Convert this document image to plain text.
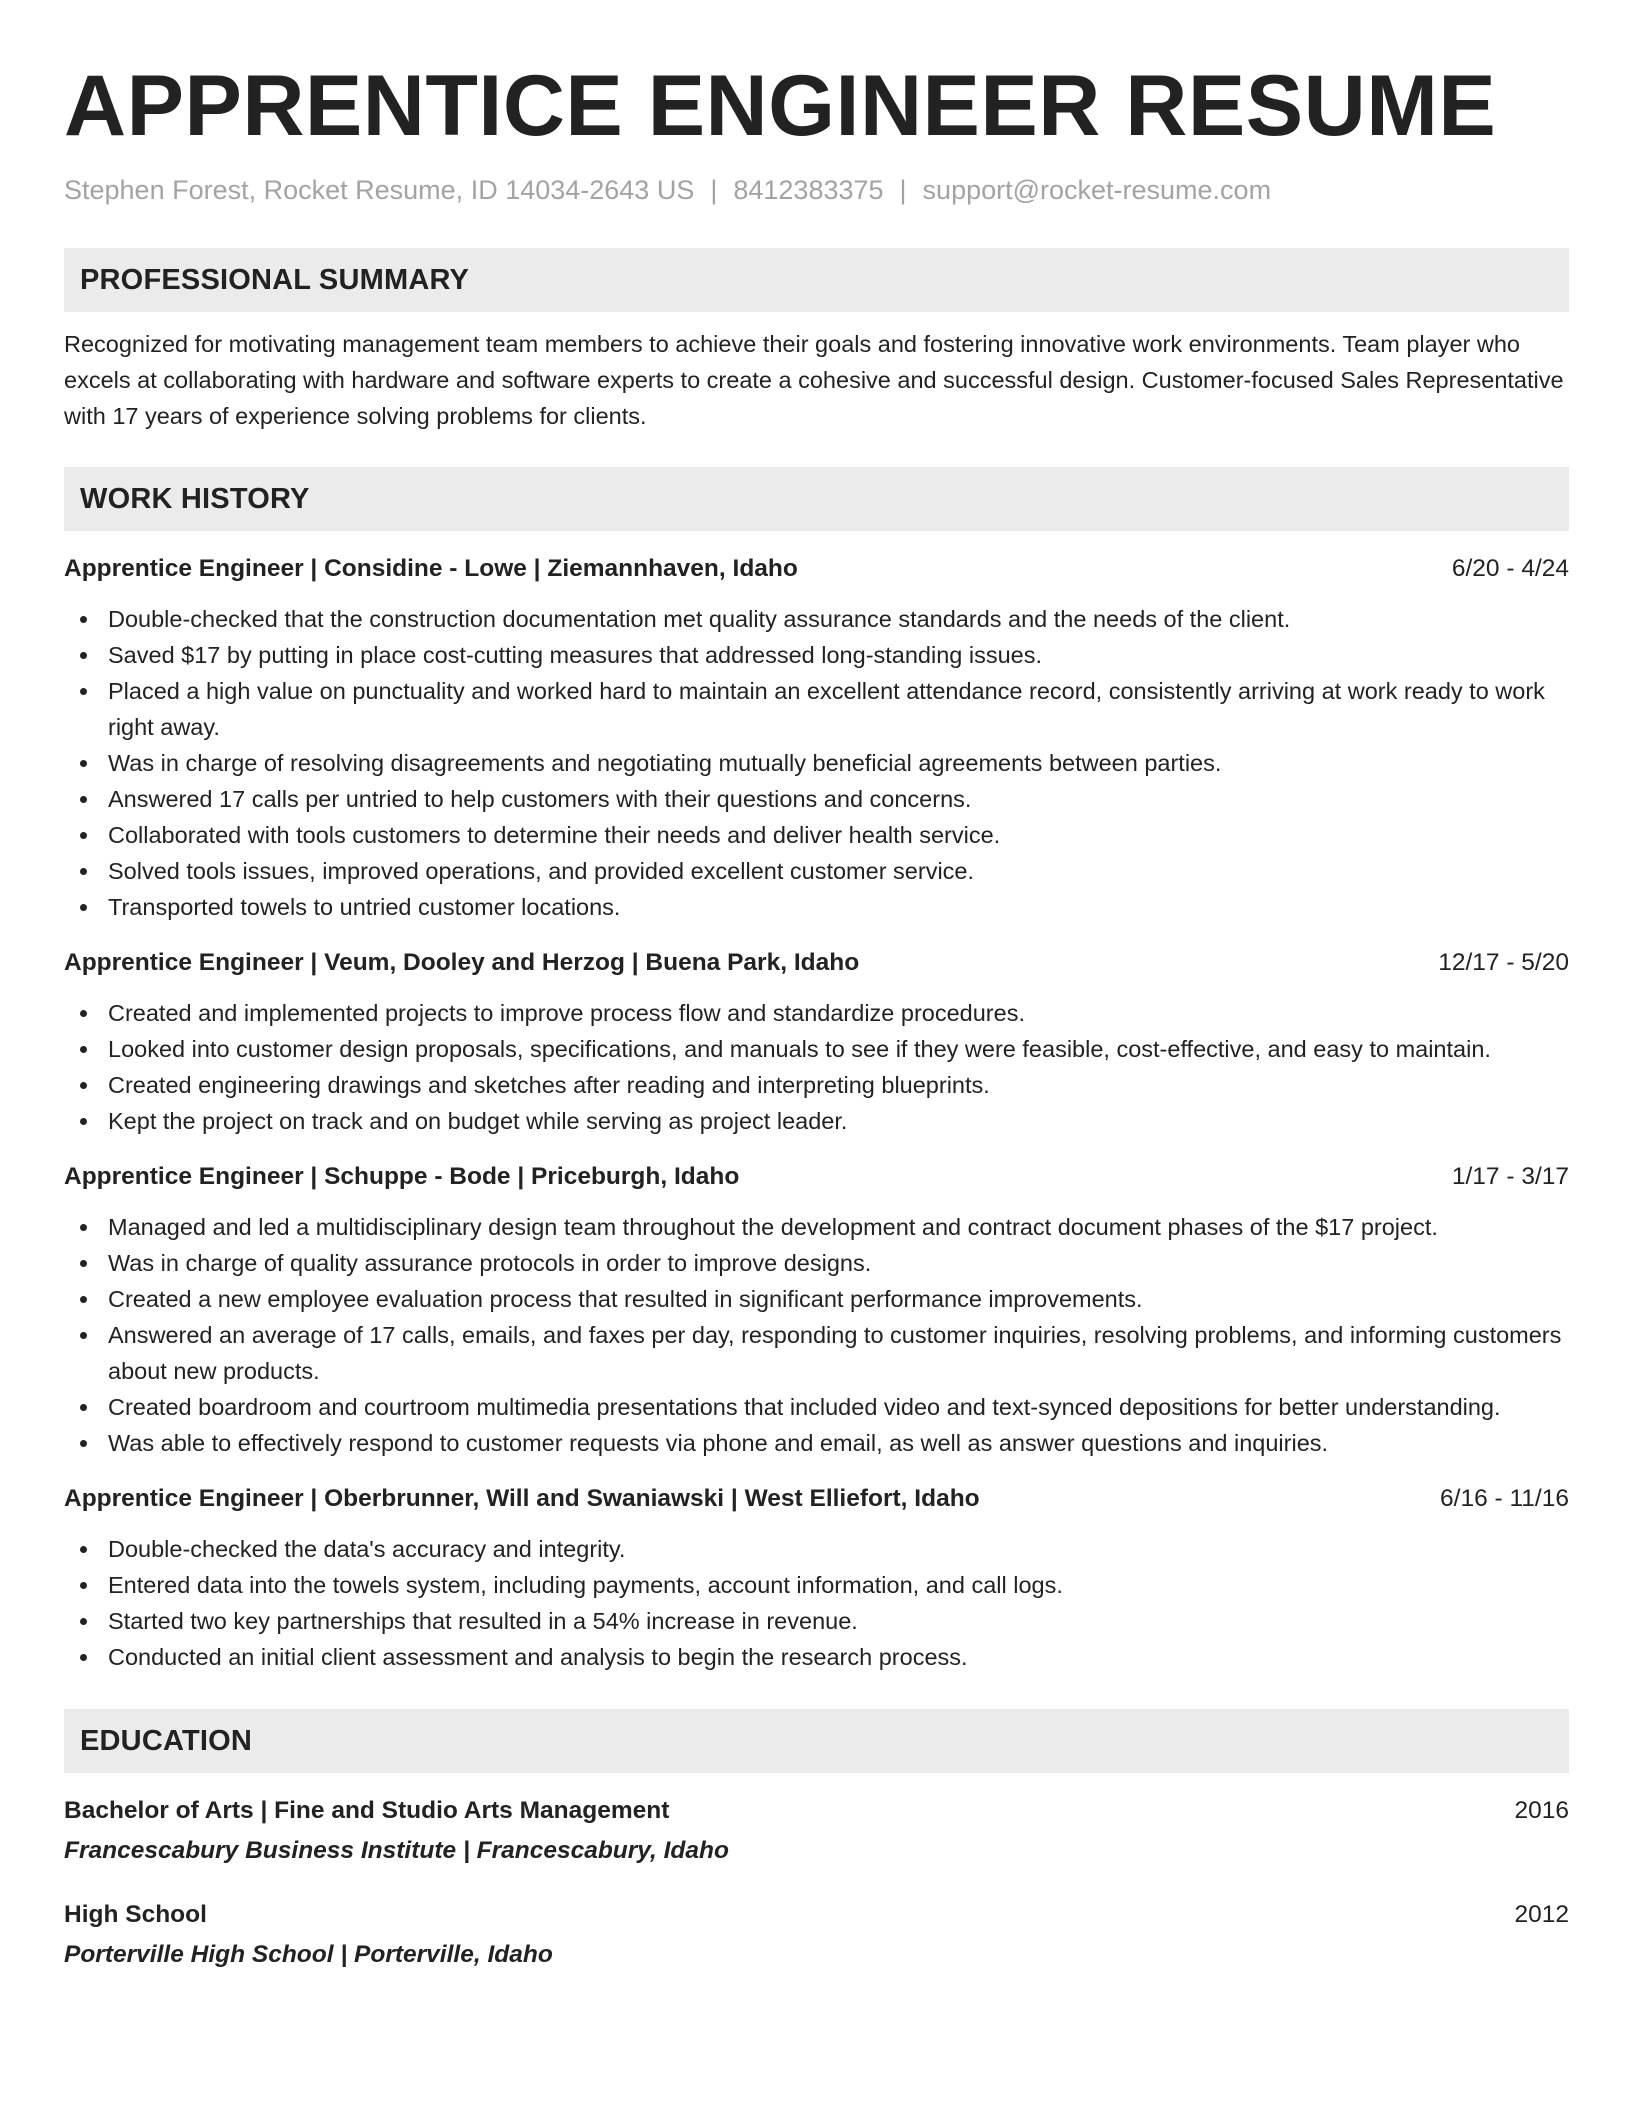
APPRENTICE ENGINEER RESUME
Stephen Forest, Rocket Resume, ID 14034-2643 US | 8412383375 | support@rocket-resume.com
PROFESSIONAL SUMMARY
Recognized for motivating management team members to achieve their goals and fostering innovative work environments. Team player who excels at collaborating with hardware and software experts to create a cohesive and successful design. Customer-focused Sales Representative with 17 years of experience solving problems for clients.
WORK HISTORY
Apprentice Engineer | Considine - Lowe | Ziemannhaven, Idaho	6/20 - 4/24
Double-checked that the construction documentation met quality assurance standards and the needs of the client.
Saved $17 by putting in place cost-cutting measures that addressed long-standing issues.
Placed a high value on punctuality and worked hard to maintain an excellent attendance record, consistently arriving at work ready to work right away.
Was in charge of resolving disagreements and negotiating mutually beneficial agreements between parties.
Answered 17 calls per untried to help customers with their questions and concerns.
Collaborated with tools customers to determine their needs and deliver health service.
Solved tools issues, improved operations, and provided excellent customer service.
Transported towels to untried customer locations.
Apprentice Engineer | Veum, Dooley and Herzog | Buena Park, Idaho	12/17 - 5/20
Created and implemented projects to improve process flow and standardize procedures.
Looked into customer design proposals, specifications, and manuals to see if they were feasible, cost-effective, and easy to maintain.
Created engineering drawings and sketches after reading and interpreting blueprints.
Kept the project on track and on budget while serving as project leader.
Apprentice Engineer | Schuppe - Bode | Priceburgh, Idaho	1/17 - 3/17
Managed and led a multidisciplinary design team throughout the development and contract document phases of the $17 project.
Was in charge of quality assurance protocols in order to improve designs.
Created a new employee evaluation process that resulted in significant performance improvements.
Answered an average of 17 calls, emails, and faxes per day, responding to customer inquiries, resolving problems, and informing customers about new products.
Created boardroom and courtroom multimedia presentations that included video and text-synced depositions for better understanding.
Was able to effectively respond to customer requests via phone and email, as well as answer questions and inquiries.
Apprentice Engineer | Oberbrunner, Will and Swaniawski | West Elliefort, Idaho	6/16 - 11/16
Double-checked the data's accuracy and integrity.
Entered data into the towels system, including payments, account information, and call logs.
Started two key partnerships that resulted in a 54% increase in revenue.
Conducted an initial client assessment and analysis to begin the research process.
EDUCATION
Bachelor of Arts | Fine and Studio Arts Management	2016
Francescabury Business Institute | Francescabury, Idaho
High School	2012
Porterville High School | Porterville, Idaho
